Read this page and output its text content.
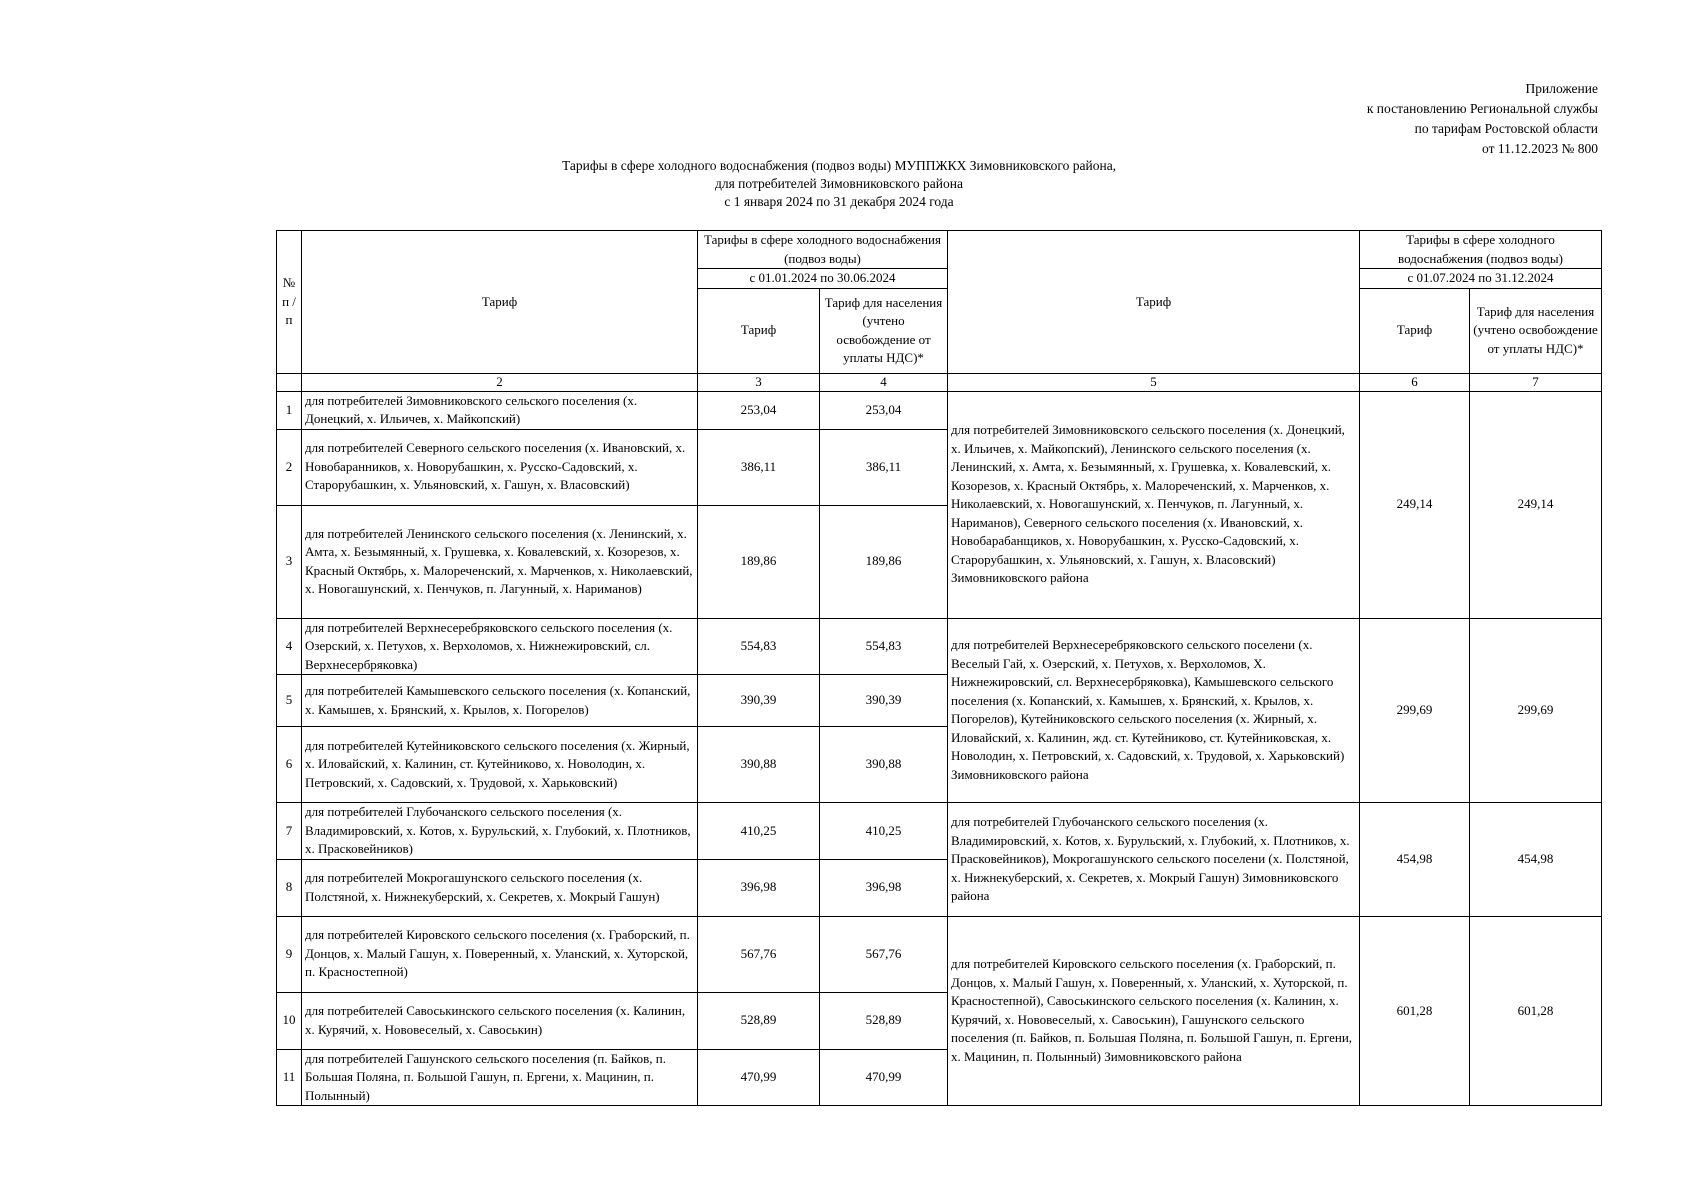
Приложение
к постановлению Региональной службы
по тарифам Ростовской области
от 11.12.2023 № 800
Тарифы в сфере холодного водоснабжения (подвоз воды) МУППЖКХ Зимовниковского района,
для потребителей Зимовниковского района
с 1 января 2024 по 31 декабря 2024 года
№ п /п	Тариф	Тарифы в сфере холодного водоснабжения (подвоз воды)		Тариф	Тарифы в сфере холодного водоснабжения (подвоз воды)	
		с 01.01.2024 по 30.06.2024			с 01.07.2024 по 31.12.2024	
		Тариф	Тариф для населения (учтено освобождение от уплаты НДС)*		Тариф	Тариф для населения (учтено освобождение от уплаты НДС)*
	2	3	4	5	6	7
1	для потребителей Зимовниковского сельского поселения (х. Донецкий, х. Ильичев, х. Майкопский)	253,04	253,04	для потребителей Зимовниковского сельского поселения (х. Донецкий, х. Ильичев, х. Майкопский), Ленинского сельского поселения (х. Ленинский, х. Амта, х. Безымянный, х. Грушевка, х. Ковалевский, х. Козорезов, х. Красный Октябрь, х. Малореченский, х. Марченков, х. Николаевский, х. Новогашунский, х. Пенчуков, п. Лагунный, х. Нариманов), Северного сельского поселения (х. Ивановский, х. Новобарабанщиков, х. Новорубашкин, х. Русско-Садовский, х. Старорубашкин, х. Ульяновский, х. Гашун, х. Власовский) Зимовниковского района	249,14	249,14
2	для потребителей Северного сельского поселения (х. Ивановский, х. Новобаранников, х. Новорубашкин, х. Русско-Садовский, х. Старорубашкин, х. Ульяновский, х. Гашун, х. Власовский)	386,11	386,11			
3	для потребителей Ленинского сельского поселения (х. Ленинский, х. Амта, х. Безымянный, х. Грушевка, х. Ковалевский, х. Козорезов, х. Красный Октябрь, х. Малореченский, х. Марченков, х. Николаевский, х. Новогашунский, х. Пенчуков, п. Лагунный, х. Нариманов)	189,86	189,86			
4	для потребителей Верхнесеребряковского сельского поселения (х. Озерский, х. Петухов, х. Верхоломов, х. Нижнежировский, сл. Верхнесербряковка)	554,83	554,83	для потребителей Верхнесеребряковского сельского поселени (х. Веселый Гай, х. Озерский, х. Петухов, х. Верхоломов, Х. Нижнежировский, сл. Верхнесербряковка), Камышевского сельского поселения (х. Копанский, х. Камышев, х. Брянский, х. Крылов, х. Погорелов), Кутейниковского сельского поселения (х. Жирный, х. Иловайский, х. Калинин, жд. ст. Кутейниково, ст. Кутейниковская, х. Новолодин, х. Петровский, х. Садовский, х. Трудовой, х. Харьковский) Зимовниковского района	299,69	299,69
5	для потребителей Камышевского сельского поселения (х. Копанский, х. Камышев, х. Брянский, х. Крылов, х. Погорелов)	390,39	390,39			
6	для потребителей Кутейниковского сельского поселения (х. Жирный, х. Иловайский, х. Калинин, ст. Кутейниково, х. Новолодин, х. Петровский, х. Садовский, х. Трудовой, х. Харьковский)	390,88	390,88			
7	для потребителей Глубочанского сельского поселения (х. Владимировский, х. Котов, х. Бурульский, х. Глубокий, х. Плотников, х. Прасковейников)	410,25	410,25	для потребителей Глубочанского сельского поселения (х. Владимировский, х. Котов, х. Бурульский, х. Глубокий, х. Плотников, х. Прасковейников), Мокрогашунского сельского поселени (х. Полстяной, х. Нижнекуберский, х. Секретев, х. Мокрый Гашун) Зимовниковского района	454,98	454,98
8	для потребителей Мокрогашунского сельского поселения (х. Полстяной, х. Нижнекуберский, х. Секретев, х. Мокрый Гашун)	396,98	396,98			
9	для потребителей Кировского сельского поселения (х. Граборский, п. Донцов, х. Малый Гашун, х. Поверенный, х. Уланский, х. Хуторской, п. Красностепной)	567,76	567,76	для потребителей Кировского сельского поселения (х. Граборский, п. Донцов, х. Малый Гашун, х. Поверенный, х. Уланский, х. Хуторской, п. Красностепной), Савоськинского сельского поселения (х. Калинин, х. Курячий, х. Нововеселый, х. Савоськин), Гашунского сельского поселения (п. Байков, п. Большая Поляна, п. Большой Гашун, п. Ергени, х. Мацинин, п. Полынный) Зимовниковского района	601,28	601,28
10	для потребителей Савоськинского сельского поселения (х. Калинин, х. Курячий, х. Нововеселый, х. Савоськин)	528,89	528,89			
11	для потребителей Гашунского сельского поселения (п. Байков, п. Большая Поляна, п. Большой Гашун, п. Ергени, х. Мацинин, п. Полынный)	470,99	470,99			
